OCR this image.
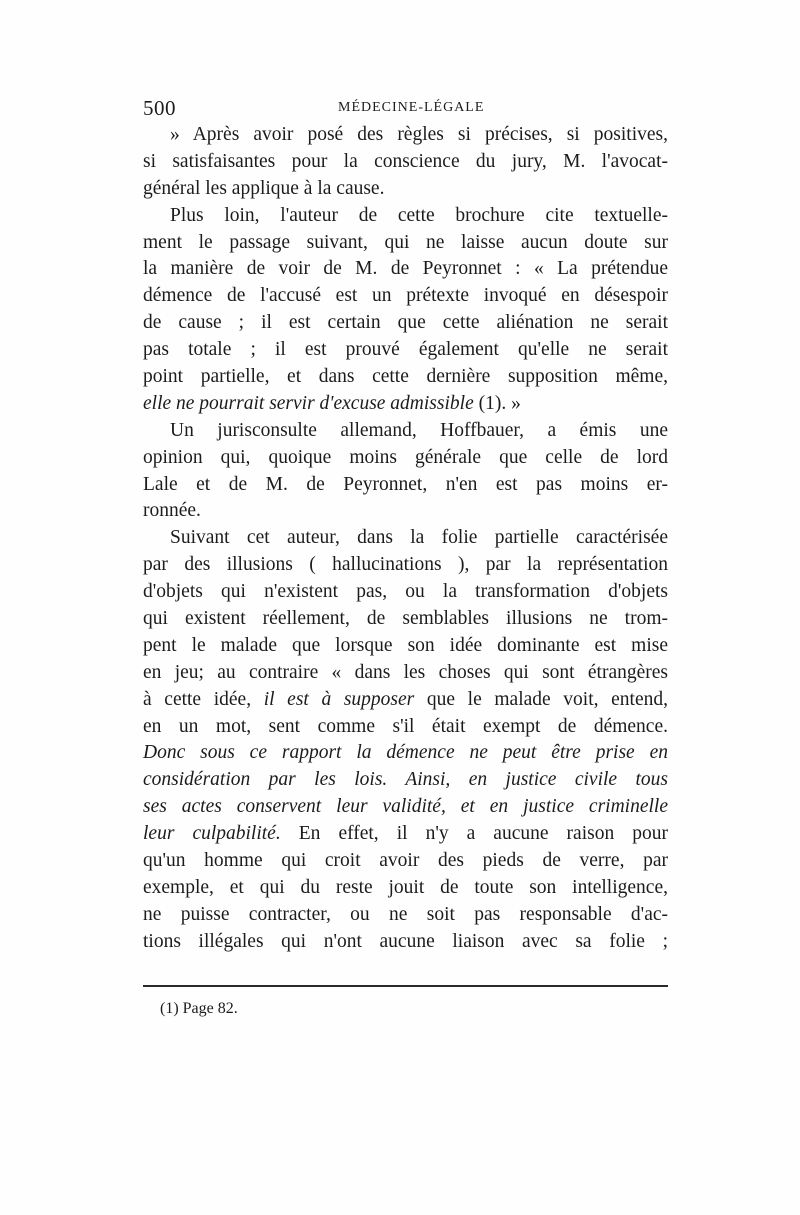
500	MÉDECINE-LÉGALE
» Après avoir posé des règles si précises, si positives,
si satisfaisantes pour la conscience du jury, M. l'avocat-
général les applique à la cause.
Plus loin, l'auteur de cette brochure cite textuelle-
ment le passage suivant, qui ne laisse aucun doute sur
la manière de voir de M. de Peyronnet : « La prétendue
démence de l'accusé est un prétexte invoqué en désespoir
de cause ; il est certain que cette aliénation ne serait
pas totale ; il est prouvé également qu'elle ne serait
point partielle, et dans cette dernière supposition même,
elle ne pourrait servir d'excuse admissible (1). »
Un jurisconsulte allemand, Hoffbauer, a émis une
opinion qui, quoique moins générale que celle de lord
Lale et de M. de Peyronnet, n'en est pas moins er-
ronnée.
Suivant cet auteur, dans la folie partielle caractérisée
par des illusions ( hallucinations ), par la représentation
d'objets qui n'existent pas, ou la transformation d'objets
qui existent réellement, de semblables illusions ne trom-
pent le malade que lorsque son idée dominante est mise
en jeu; au contraire « dans les choses qui sont étrangères
à cette idée, il est à supposer que le malade voit, entend,
en un mot, sent comme s'il était exempt de démence.
Donc sous ce rapport la démence ne peut être prise en
considération par les lois. Ainsi, en justice civile tous
ses actes conservent leur validité, et en justice criminelle
leur culpabilité. En effet, il n'y a aucune raison pour
qu'un homme qui croit avoir des pieds de verre, par
exemple, et qui du reste jouit de toute son intelligence,
ne puisse contracter, ou ne soit pas responsable d'ac-
tions illégales qui n'ont aucune liaison avec sa folie ;
(1) Page 82.
